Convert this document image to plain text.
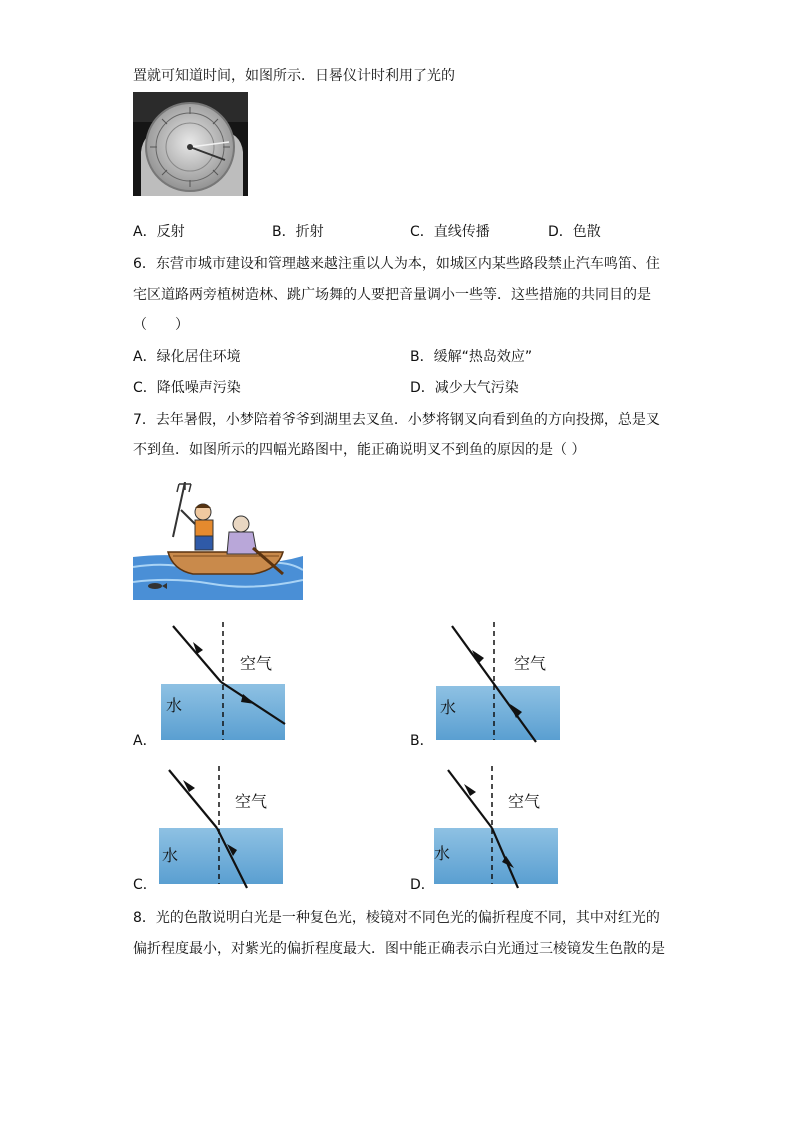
置就可知道时间，如图所示．日晷仪计时利用了光的
A．反射	B．折射	C．直线传播	D．色散
6．东营市城市建设和管理越来越注重以人为本，如城区内某些路段禁止汽车鸣笛、住
宅区道路两旁植树造林、跳广场舞的人要把音量调小一些等．这些措施的共同目的是
（　　）
A．绿化居住环境	B．缓解“热岛效应”
C．降低噪声污染	D．减少大气污染
7．去年暑假，小梦陪着爷爷到湖里去叉鱼．小梦将钢叉向看到鱼的方向投掷，总是叉
不到鱼．如图所示的四幅光路图中，能正确说明叉不到鱼的原因的是（ ）
空气
水
A．
空气
水
B．
空气
水
C．
空气
水
D．
8．光的色散说明白光是一种复色光，棱镜对不同色光的偏折程度不同，其中对红光的
偏折程度最小，对紫光的偏折程度最大．图中能正确表示白光通过三棱镜发生色散的是
